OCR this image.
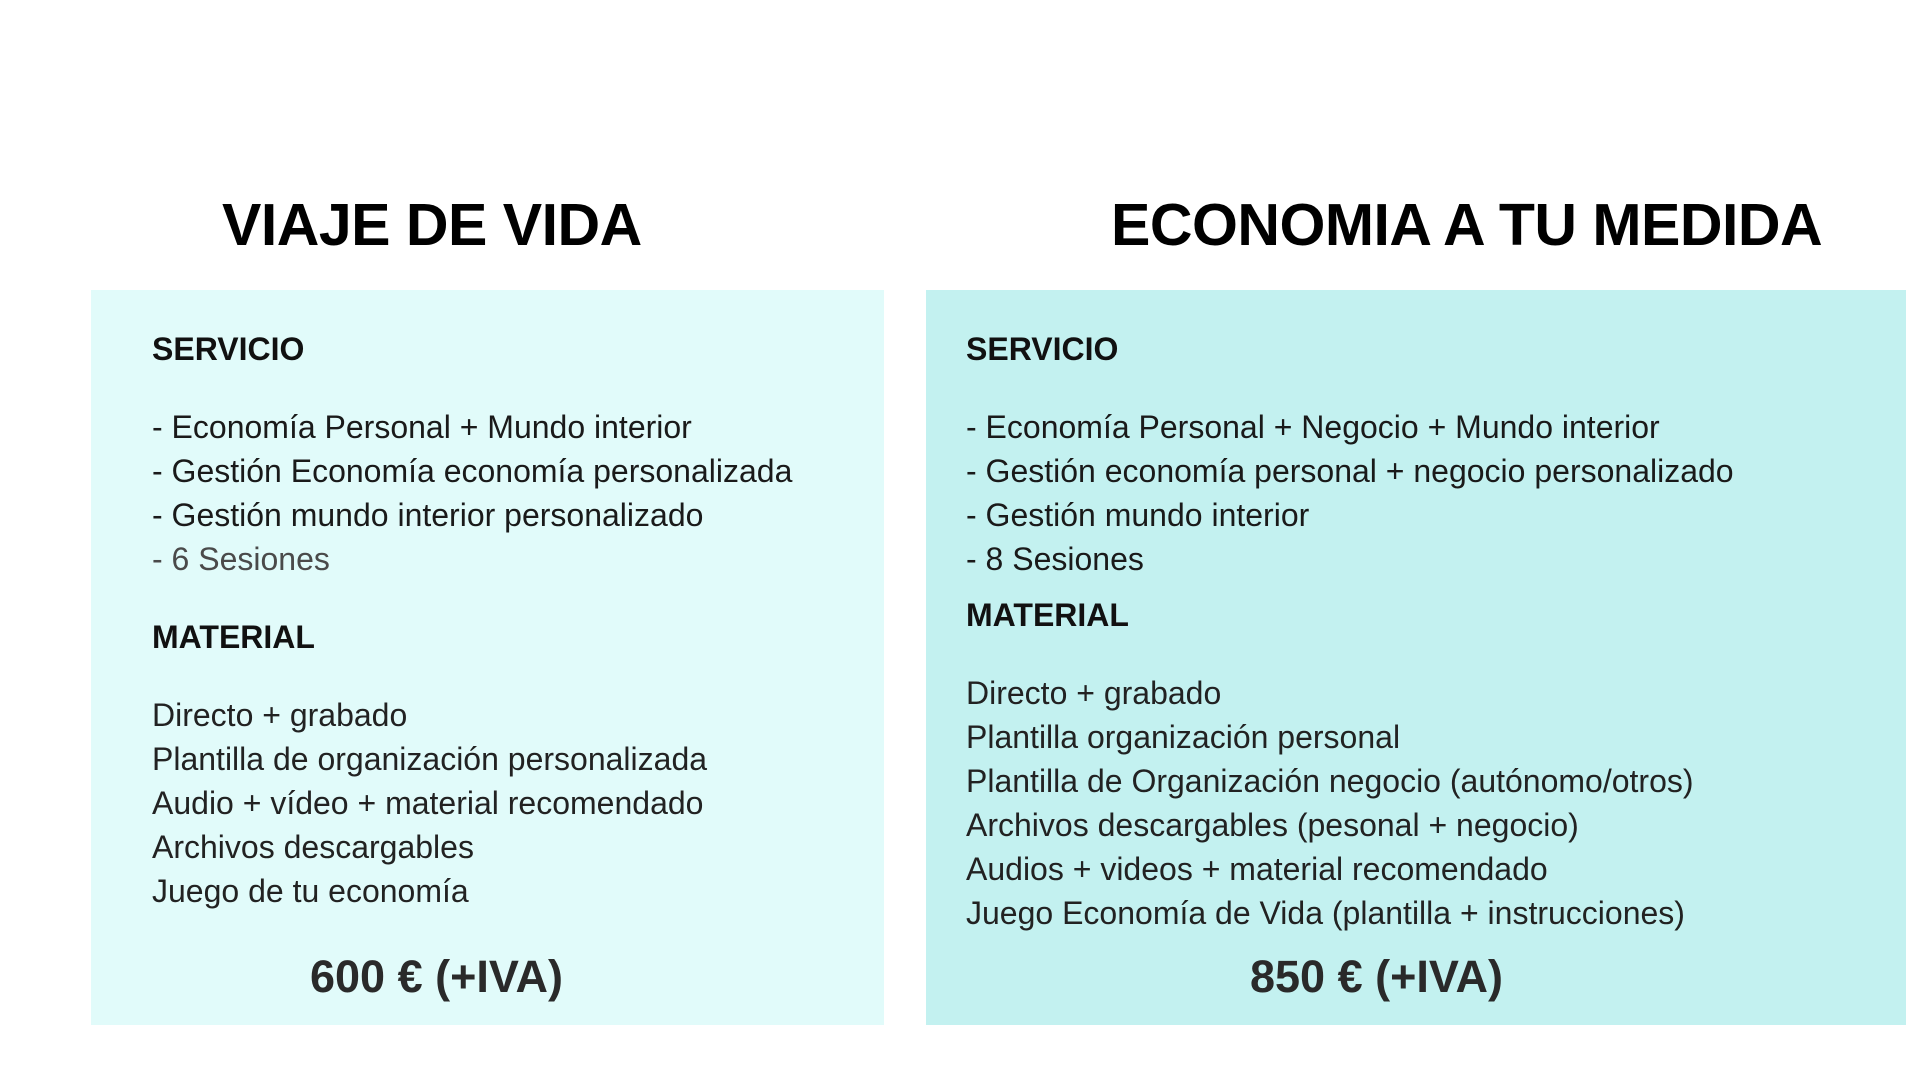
VIAJE DE VIDA	ECONOMIA A TU MEDIDA
SERVICIO
- Economía Personal + Mundo interior
- Gestión Economía economía personalizada
- Gestión mundo interior personalizado
- 6 Sesiones
MATERIAL
Directo + grabado
Plantilla de organización personalizada
Audio + vídeo + material recomendado
Archivos descargables
Juego de tu economía

600 € (+IVA)

SERVICIO
- Economía Personal + Negocio + Mundo interior
- Gestión economía personal + negocio personalizado
- Gestión mundo interior
- 8 Sesiones
MATERIAL
Directo + grabado
Plantilla organización personal
Plantilla de Organización negocio (autónomo/otros)
Archivos descargables (pesonal + negocio)
Audios + videos + material recomendado
Juego Economía de Vida (plantilla + instrucciones)

850 € (+IVA)
